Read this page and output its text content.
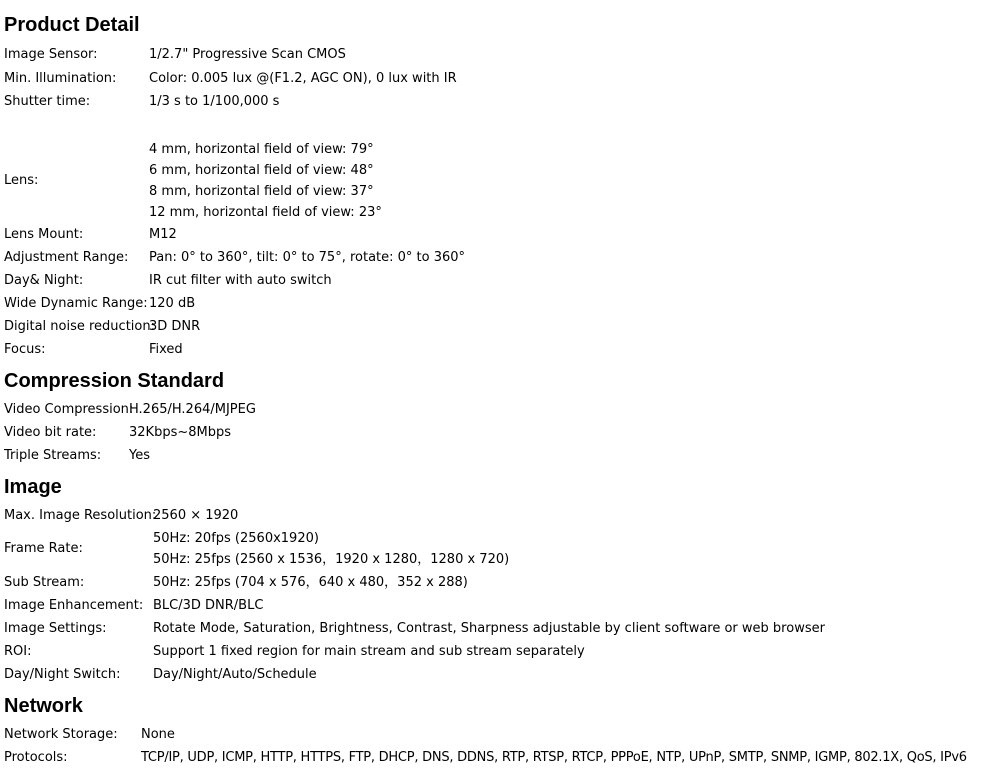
Product Detail
Image Sensor:	1/2.7" Progressive Scan CMOS
Min. Illumination:	Color: 0.005 lux @(F1.2, AGC ON), 0 lux with IR
Shutter time:	1/3 s to 1/100,000 s
Lens:
4 mm, horizontal field of view: 79°
6 mm, horizontal field of view: 48°
8 mm, horizontal field of view: 37°
12 mm, horizontal field of view: 23°
Lens Mount:	M12
Adjustment Range: Pan: 0° to 360°, tilt: 0° to 75°, rotate: 0° to 360°
Day& Night:	IR cut filter with auto switch
Wide Dynamic Range: 120 dB
Digital noise reduction:
3D DNR
Focus:	Fixed
Compression Standard
Video Compression:
H.265/H.264/MJPEG
Video bit rate:	32Kbps~8Mbps
Triple Streams: Yes
Image
Max. Image Resolution:
2560 × 1920
Frame Rate:
50Hz: 20fps (2560x1920)
50Hz: 25fps (2560 x 1536，1920 x 1280，1280 x 720)
Sub Stream:	50Hz: 25fps (704 x 576，640 x 480，352 x 288)
Image Enhancement: BLC/3D DNR/BLC
Image Settings:	Rotate Mode, Saturation, Brightness, Contrast, Sharpness adjustable by client software or web browser
ROI:	Support 1 fixed region for main stream and sub stream separately
Day/Night Switch:	Day/Night/Auto/Schedule
Network
Network Storage: None
Protocols:	TCP/IP, UDP, ICMP, HTTP, HTTPS, FTP, DHCP, DNS, DDNS, RTP, RTSP, RTCP, PPPoE, NTP, UPnP, SMTP, SNMP, IGMP, 802.1X, QoS, IPv6
